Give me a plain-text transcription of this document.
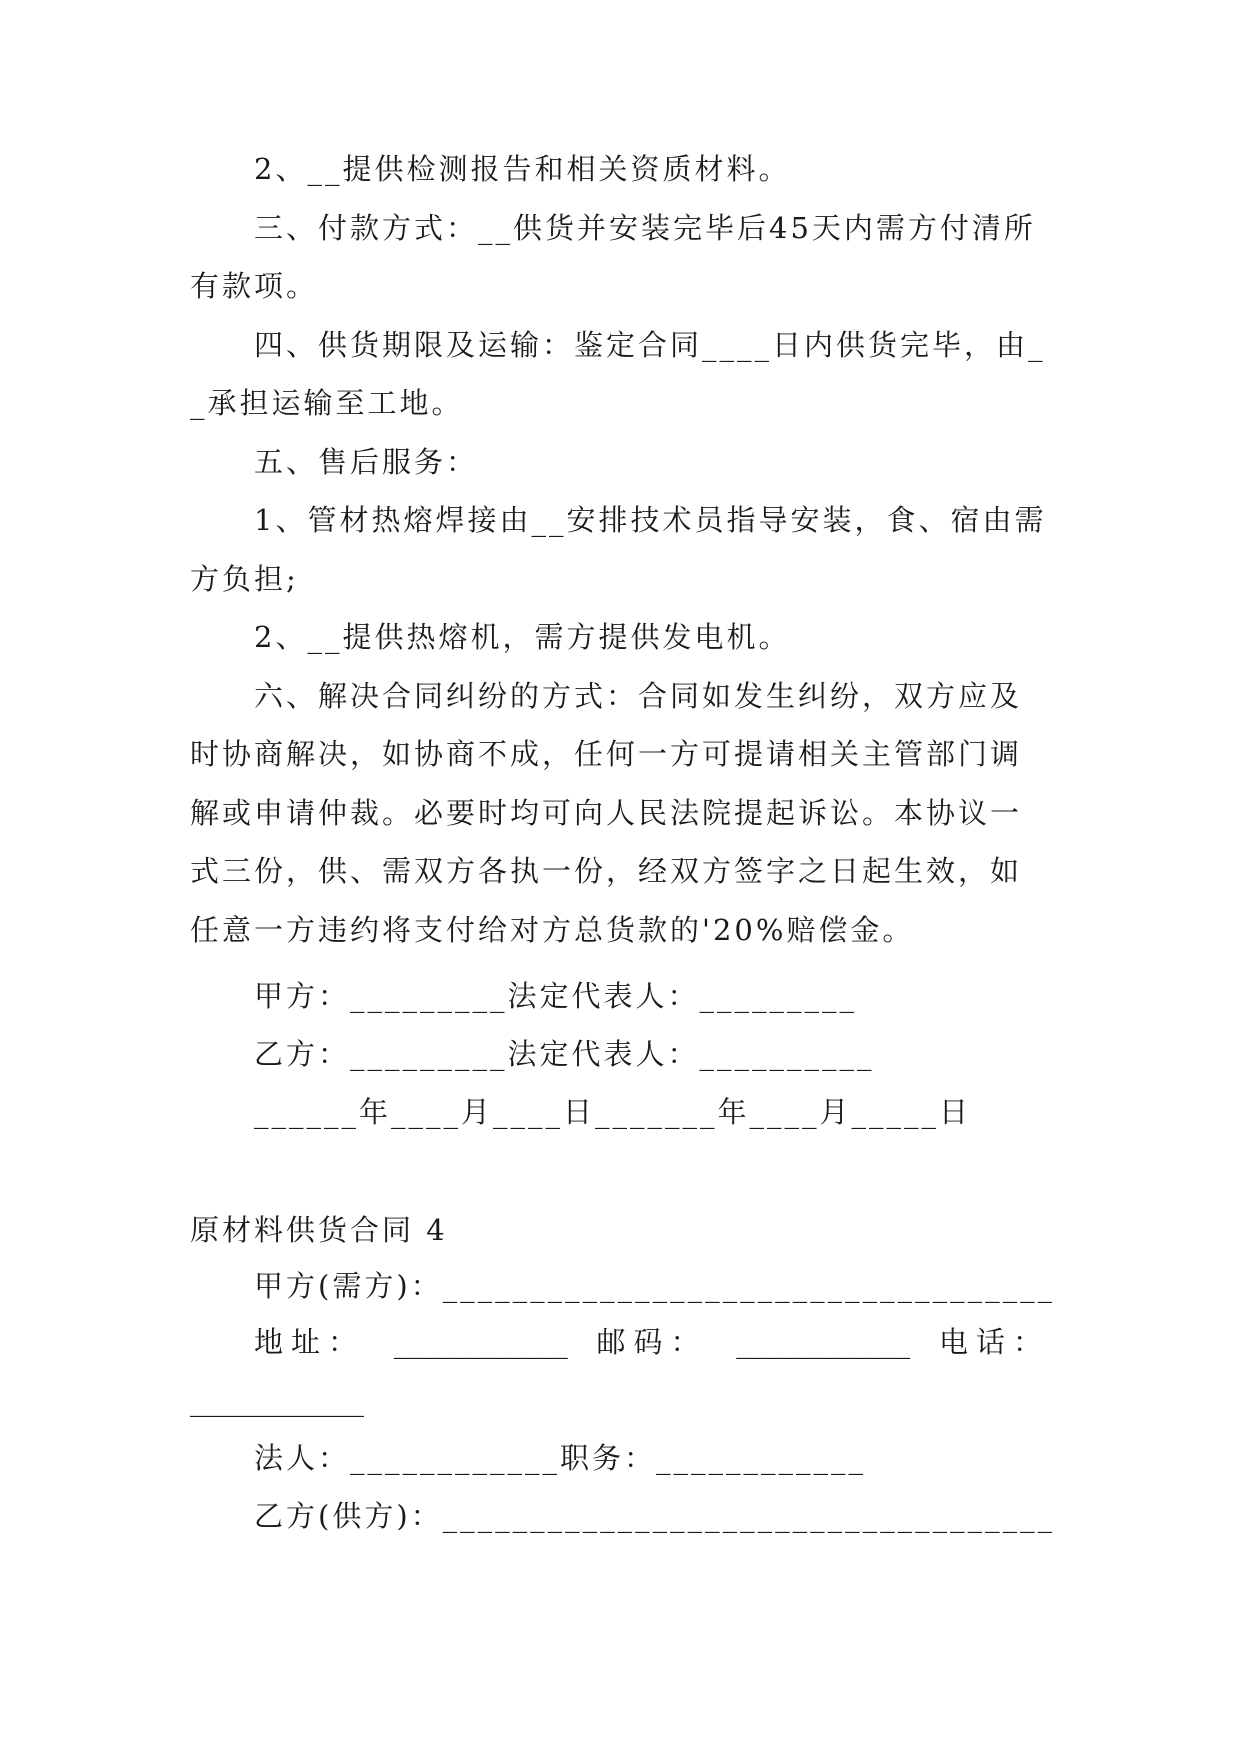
2、__提供检测报告和相关资质材料。

三、付款方式：__供货并安装完毕后45天内需方付清所有款项。

四、供货期限及运输：鉴定合同____日内供货完毕，由__承担运输至工地。

五、售后服务：

1、管材热熔焊接由__安排技术员指导安装，食、宿由需方负担;

2、__提供热熔机，需方提供发电机。

六、解决合同纠纷的方式：合同如发生纠纷，双方应及时协商解决，如协商不成，任何一方可提请相关主管部门调解或申请仲裁。必要时均可向人民法院提起诉讼。本协议一式三份，供、需双方各执一份，经双方签字之日起生效，如任意一方违约将支付给对方总货款的'20%赔偿金。

甲方：_________法定代表人：_________
乙方：_________法定代表人：__________
______年____月____日_______年____月_____日
原材料供货合同 4
甲方(需方)：___________________________________
地址： ____________ 邮码： ____________ 电话：
____________
法人：____________职务：____________
乙方(供方)：___________________________________
